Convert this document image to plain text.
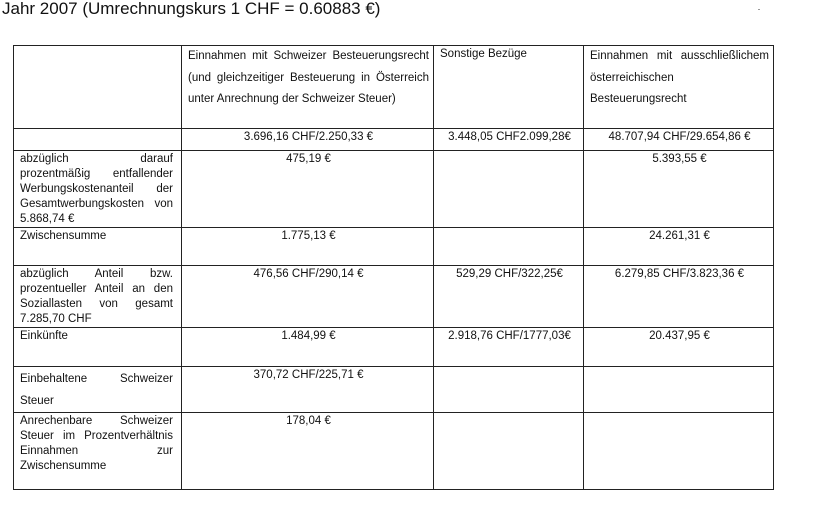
Jahr 2007 (Umrechnungskurs 1 CHF = 0.60883 €)
	Einnahmen mit Schweizer Besteuerungsrecht (und gleichzeitiger Besteuerung in Österreich unter Anrechnung der Schweizer Steuer)	Sonstige Bezüge	Einnahmen mit ausschließlichem österreichischen Besteuerungsrecht
	3.696,16 CHF/2.250,33 €	3.448,05 CHF2.099,28€	48.707,94 CHF/29.654,86 €
abzüglich darauf prozentmäßig entfallender Werbungskostenanteil der Gesamtwerbungskosten von 5.868,74 €	475,19 €		5.393,55 €
Zwischensumme	1.775,13 €		24.261,31 €
abzüglich Anteil bzw. prozentueller Anteil an den Soziallasten von gesamt 7.285,70 CHF	476,56 CHF/290,14 €	529,29 CHF/322,25€	6.279,85 CHF/3.823,36 €
Einkünfte	1.484,99 €	2.918,76 CHF/1777,03€	20.437,95 €
Einbehaltene Schweizer Steuer	370,72 CHF/225,71 €		
Anrechenbare Schweizer Steuer im Prozentverhältnis Einnahmen zur Zwischensumme	178,04 €		
